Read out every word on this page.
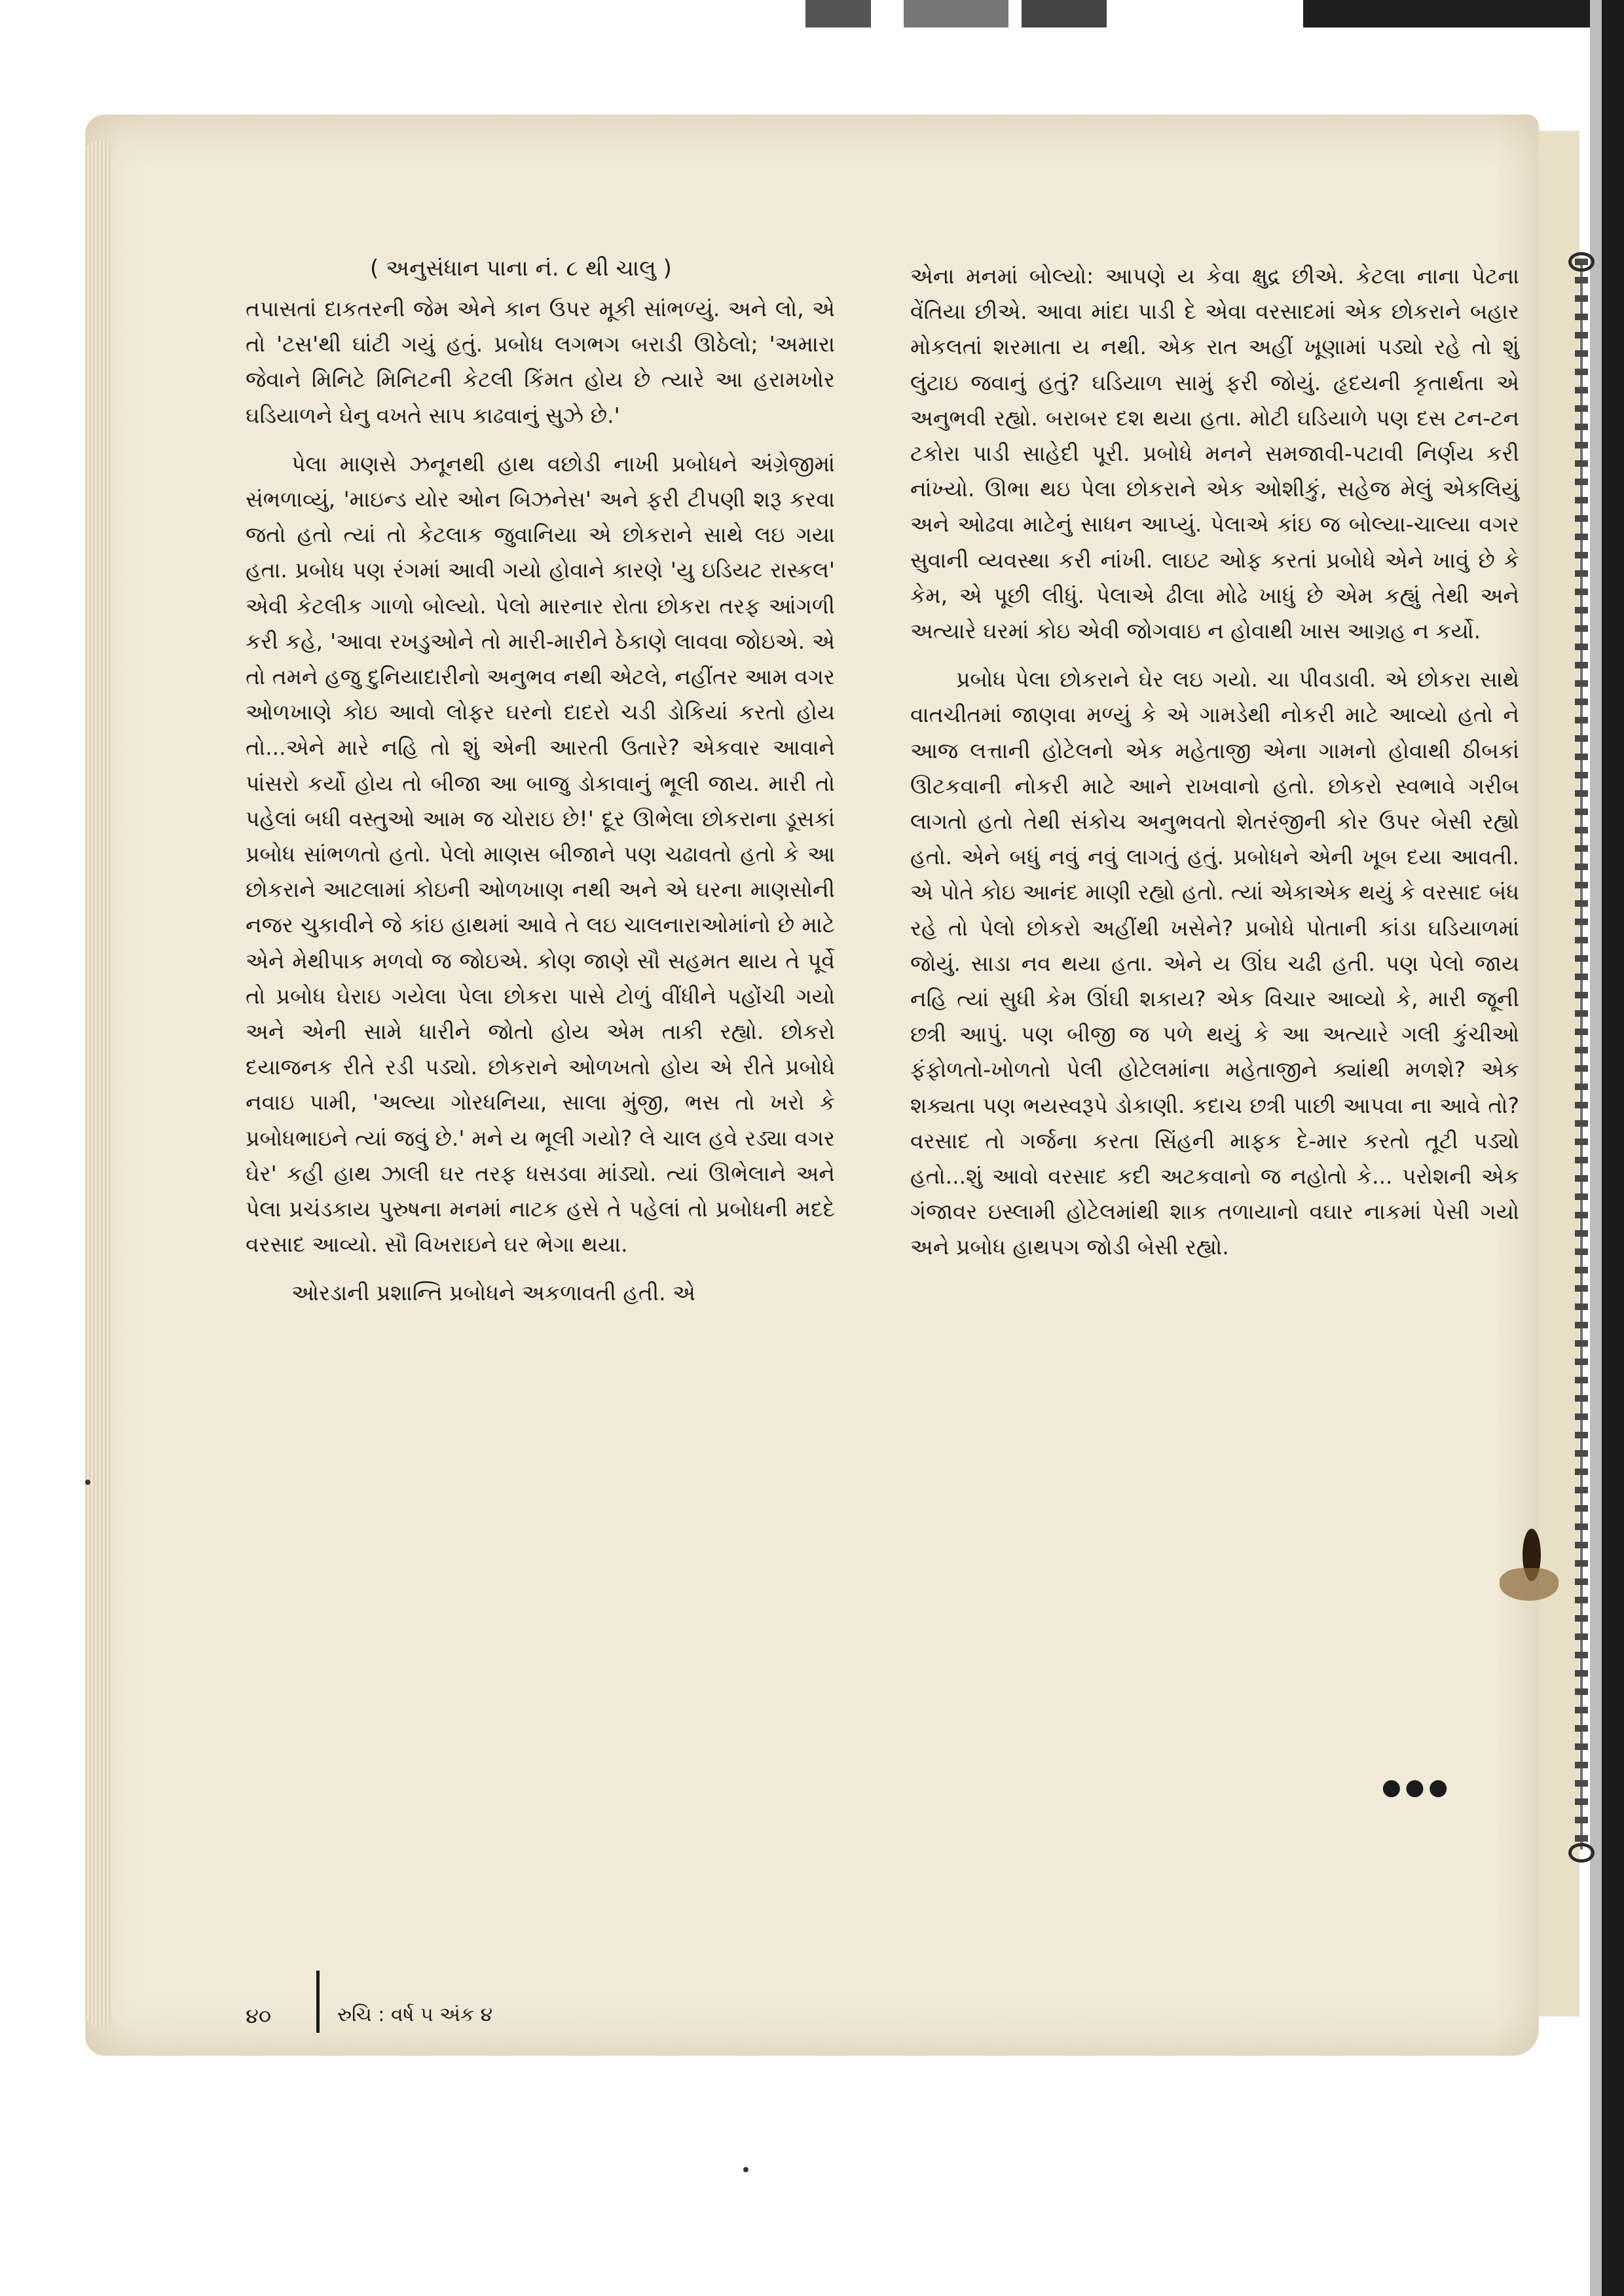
( અનુસંધાન પાના નં. ૮ થી ચાલુ )

તપાસતાં દાકતરની જેમ એને કાન ઉપર મૂકી સાંભળ્યું. અને લો, એ તો 'ટસ'થી ઘાંટી ગયું હતું. પ્રબોધ લગભગ બરાડી ઊઠેલો; 'અમારા જેવાને મિનિટે મિનિટની કેટલી કિંમત હોય છે ત્યારે આ હરામખોર ઘડિયાળને ઘેનુ વખતે સાપ કાઢવાનું સુઝે છે.'

પેલા માણસે ઝનૂનથી હાથ વછોડી નાખી પ્રબોધને અંગ્રેજીમાં સંભળાવ્યું, 'માઇન્ડ યોર ઓન બિઝનેસ' અને ફરી ટીપણી શરૂ કરવા જતો હતો ત્યાં તો કેટલાક જુવાનિયા એ છોકરાને સાથે લઇ ગયા હતા. પ્રબોધ પણ રંગમાં આવી ગયો હોવાને કારણે 'યુ ઇડિયટ રાસ્કલ' એવી કેટલીક ગાળો બોલ્યો. પેલો મારનાર રોતા છોકરા તરફ આંગળી કરી કહે, 'આવા રખડુઓને તો મારી-મારીને ઠેકાણે લાવવા જોઇએ. એ તો તમને હજુ દુનિયાદારીનો અનુભવ નથી એટલે, નહીંતર આમ વગર ઓળખાણે કોઇ આવો લોફર ઘરનો દાદરો ચડી ડોકિયાં કરતો હોય તો...એને મારે નહિ તો શું એની આરતી ઉતારે? એકવાર આવાને પાંસરો કર્યો હોય તો બીજા આ બાજુ ડોકાવાનું ભૂલી જાય. મારી તો પહેલાં બધી વસ્તુઓ આમ જ ચોરાઇ છે!' દૂર ઊભેલા છોકરાના ડૂસકાં પ્રબોધ સાંભળતો હતો. પેલો માણસ બીજાને પણ ચઢાવતો હતો કે આ છોકરાને આટલામાં કોઇની ઓળખાણ નથી અને એ ઘરના માણસોની નજર ચુકાવીને જે કાંઇ હાથમાં આવે તે લઇ ચાલનારાઓમાંનો છે માટે એને મેથીપાક મળવો જ જોઇએ. કોણ જાણે સૌ સહમત થાય તે પૂર્વે તો પ્રબોધ ઘેરાઇ ગયેલા પેલા છોકરા પાસે ટોળું વીંધીને પહોંચી ગયો અને એની સામે ધારીને જોતો હોય એમ તાકી રહ્યો. છોકરો દયાજનક રીતે રડી પડ્યો. છોકરાને ઓળખતો હોય એ રીતે પ્રબોધે નવાઇ પામી, 'અલ્યા ગોરધનિયા, સાલા મુંજી, ભસ તો ખરો કે પ્રબોધભાઇને ત્યાં જવું છે.' મને ય ભૂલી ગયો? લે ચાલ હવે રડ્યા વગર ઘેર' કહી હાથ ઝાલી ઘર તરફ ધસડવા માંડ્યો. ત્યાં ઊભેલાને અને પેલા પ્રચંડકાય પુરુષના મનમાં નાટક હસે તે પહેલાં તો પ્રબોધની મદદે વરસાદ આવ્યો. સૌ વિખરાઇને ઘર ભેગા થયા.

ઓરડાની પ્રશાન્તિ પ્રબોધને અકળાવતી હતી. એ

એના મનમાં બોલ્યો: આપણે ય કેવા ક્ષુદ્ર છીએ. કેટલા નાના પેટના વેંતિયા છીએ. આવા માંદા પાડી દે એવા વરસાદમાં એક છોકરાને બહાર મોકલતાં શરમાતા ય નથી. એક રાત અહીં ખૂણામાં પડ્યો રહે તો શું લુંટાઇ જવાનું હતું? ઘડિયાળ સામું ફરી જોયું. હૃદયની કૃતાર્થતા એ અનુભવી રહ્યો. બરાબર દશ થયા હતા. મોટી ઘડિયાળે પણ દસ ટન-ટન ટકોરા પાડી સાહેદી પૂરી. પ્રબોધે મનને સમજાવી-પટાવી નિર્ણય કરી નાંખ્યો. ઊભા થઇ પેલા છોકરાને એક ઓશીકું, સહેજ મેલું એકલિયું અને ઓઢવા માટેનું સાધન આપ્યું. પેલાએ કાંઇ જ બોલ્યા-ચાલ્યા વગર સુવાની વ્યવસ્થા કરી નાંખી. લાઇટ ઓફ કરતાં પ્રબોધે એને ખાવું છે કે કેમ, એ પૂછી લીધું. પેલાએ ઢીલા મોઢે ખાધું છે એમ કહ્યું તેથી અને અત્યારે ઘરમાં કોઇ એવી જોગવાઇ ન હોવાથી ખાસ આગ્રહ ન કર્યો.

પ્રબોધ પેલા છોકરાને ઘેર લઇ ગયો. ચા પીવડાવી. એ છોકરા સાથે વાતચીતમાં જાણવા મળ્યું કે એ ગામડેથી નોકરી માટે આવ્યો હતો ને આજ લત્તાની હોટેલનો એક મહેતાજી એના ગામનો હોવાથી ઠીબકાં ઊટકવાની નોકરી માટે આને રાખવાનો હતો. છોકરો સ્વભાવે ગરીબ લાગતો હતો તેથી સંકોચ અનુભવતો શેતરંજીની કોર ઉપર બેસી રહ્યો હતો. એને બધું નવું નવું લાગતું હતું. પ્રબોધને એની ખૂબ દયા આવતી. એ પોતે કોઇ આનંદ માણી રહ્યો હતો. ત્યાં એકાએક થયું કે વરસાદ બંધ રહે તો પેલો છોકરો અહીંથી ખસેને? પ્રબોધે પોતાની કાંડા ઘડિયાળમાં જોયું. સાડા નવ થયા હતા. એને ય ઊંઘ ચઢી હતી. પણ પેલો જાય નહિ ત્યાં સુધી કેમ ઊંઘી શકાય? એક વિચાર આવ્યો કે, મારી જૂની છત્રી આપું. પણ બીજી જ પળે થયું કે આ અત્યારે ગલી કુંચીઓ ફંફોળતો-ખોળતો પેલી હોટેલમાંના મહેતાજીને ક્યાંથી મળશે? એક શક્યતા પણ ભયસ્વરૂપે ડોકાણી. કદાચ છત્રી પાછી આપવા ના આવે તો? વરસાદ તો ગર્જના કરતા સિંહની માફક દે-માર કરતો તૂટી પડ્યો હતો...શું આવો વરસાદ કદી અટકવાનો જ નહોતો કે... પરોશની એક ગંજાવર ઇસ્લામી હોટેલમાંથી શાક તળાયાનો વઘાર નાકમાં પેસી ગયો અને પ્રબોધ હાથપગ જોડી બેસી રહ્યો.

●●●
૪૦	રુચિ : વર્ષ ૫ અંક ૪
